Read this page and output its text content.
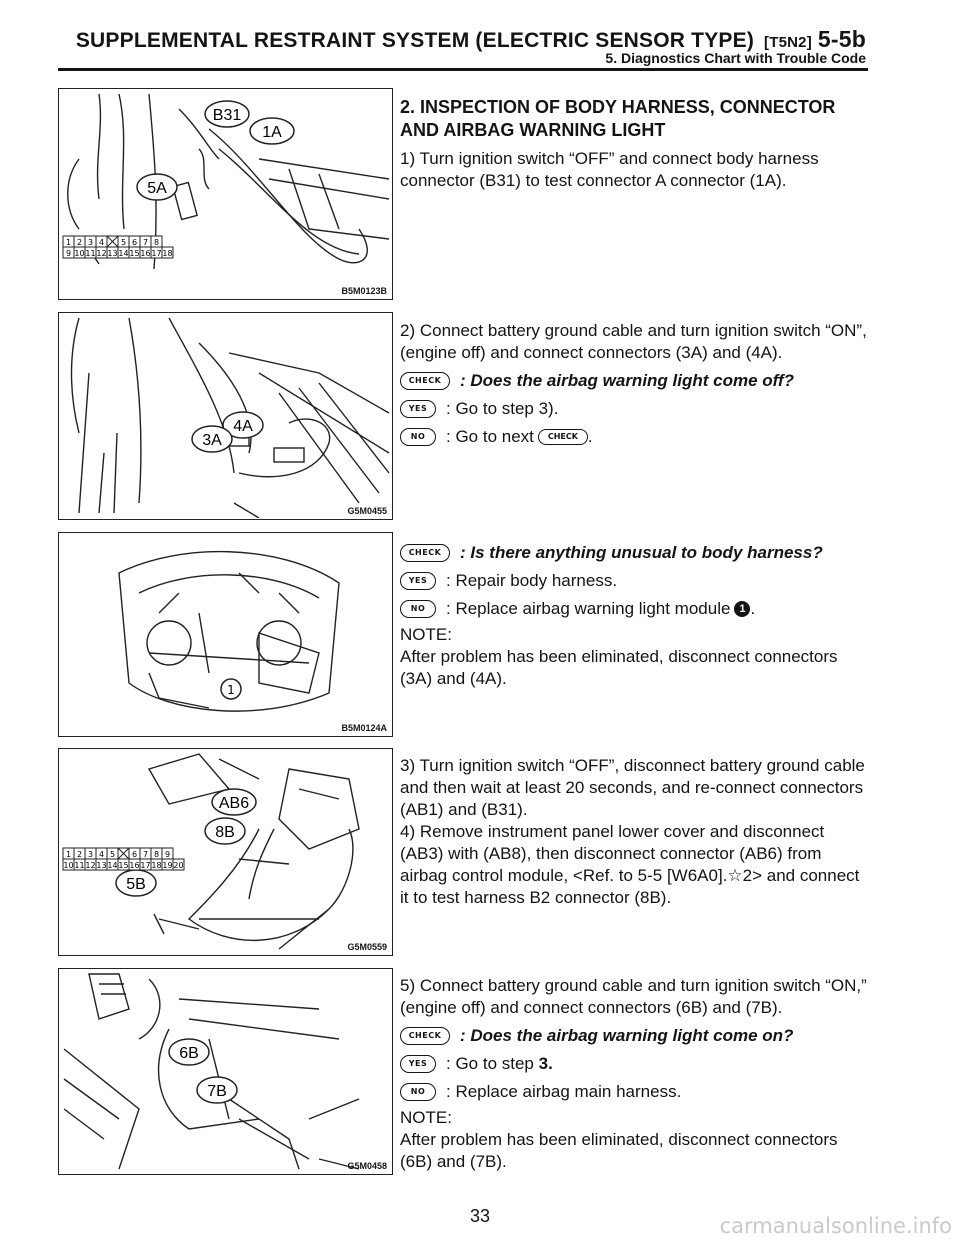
SUPPLEMENTAL RESTRAINT SYSTEM (ELECTRIC SENSOR TYPE) [T5N2] 5-5b
5. Diagnostics Chart with Trouble Code
B31
1A
5A
1 2 3 4 5 6 7 8
9 10 11 12 13 14 15 16 17 18
B5M0123B
4A
3A
G5M0455
1
B5M0124A
AB6
8B
5B
1 2 3 4 5 6 7 8 9
10 11 12 13 14 15 16 17 18 19 20
G5M0559
6B
7B
G5M0458

2. INSPECTION OF BODY HARNESS, CONNECTOR AND AIRBAG WARNING LIGHT

1) Turn ignition switch “OFF” and connect body harness connector (B31) to test connector A connector (1A).

2) Connect battery ground cable and turn ignition switch “ON”, (engine off) and connect connectors (3A) and (4A).

CHECK	: Does the airbag warning light come off?

YES	: Go to step 3).

NO	: Go to next	CHECK .

CHECK	: Is there anything unusual to body harness?

YES	: Repair body harness.

NO	: Replace airbag warning light module 1 .

NOTE:

After problem has been eliminated, disconnect connectors (3A) and (4A).

3) Turn ignition switch “OFF”, disconnect battery ground cable and then wait at least 20 seconds, and re-connect connectors (AB1) and (B31).

4) Remove instrument panel lower cover and disconnect (AB3) with (AB8), then disconnect connector (AB6) from airbag control module, <Ref. to 5-5 [W6A0].☆2> and connect it to test harness B2 connector (8B).

5) Connect battery ground cable and turn ignition switch “ON,” (engine off) and connect connectors (6B) and (7B).

CHECK	: Does the airbag warning light come on?

YES	: Go to step
3.

NO	: Replace airbag main harness.

NOTE:

After problem has been eliminated, disconnect connectors (6B) and (7B).

33	carmanualsonline.info
